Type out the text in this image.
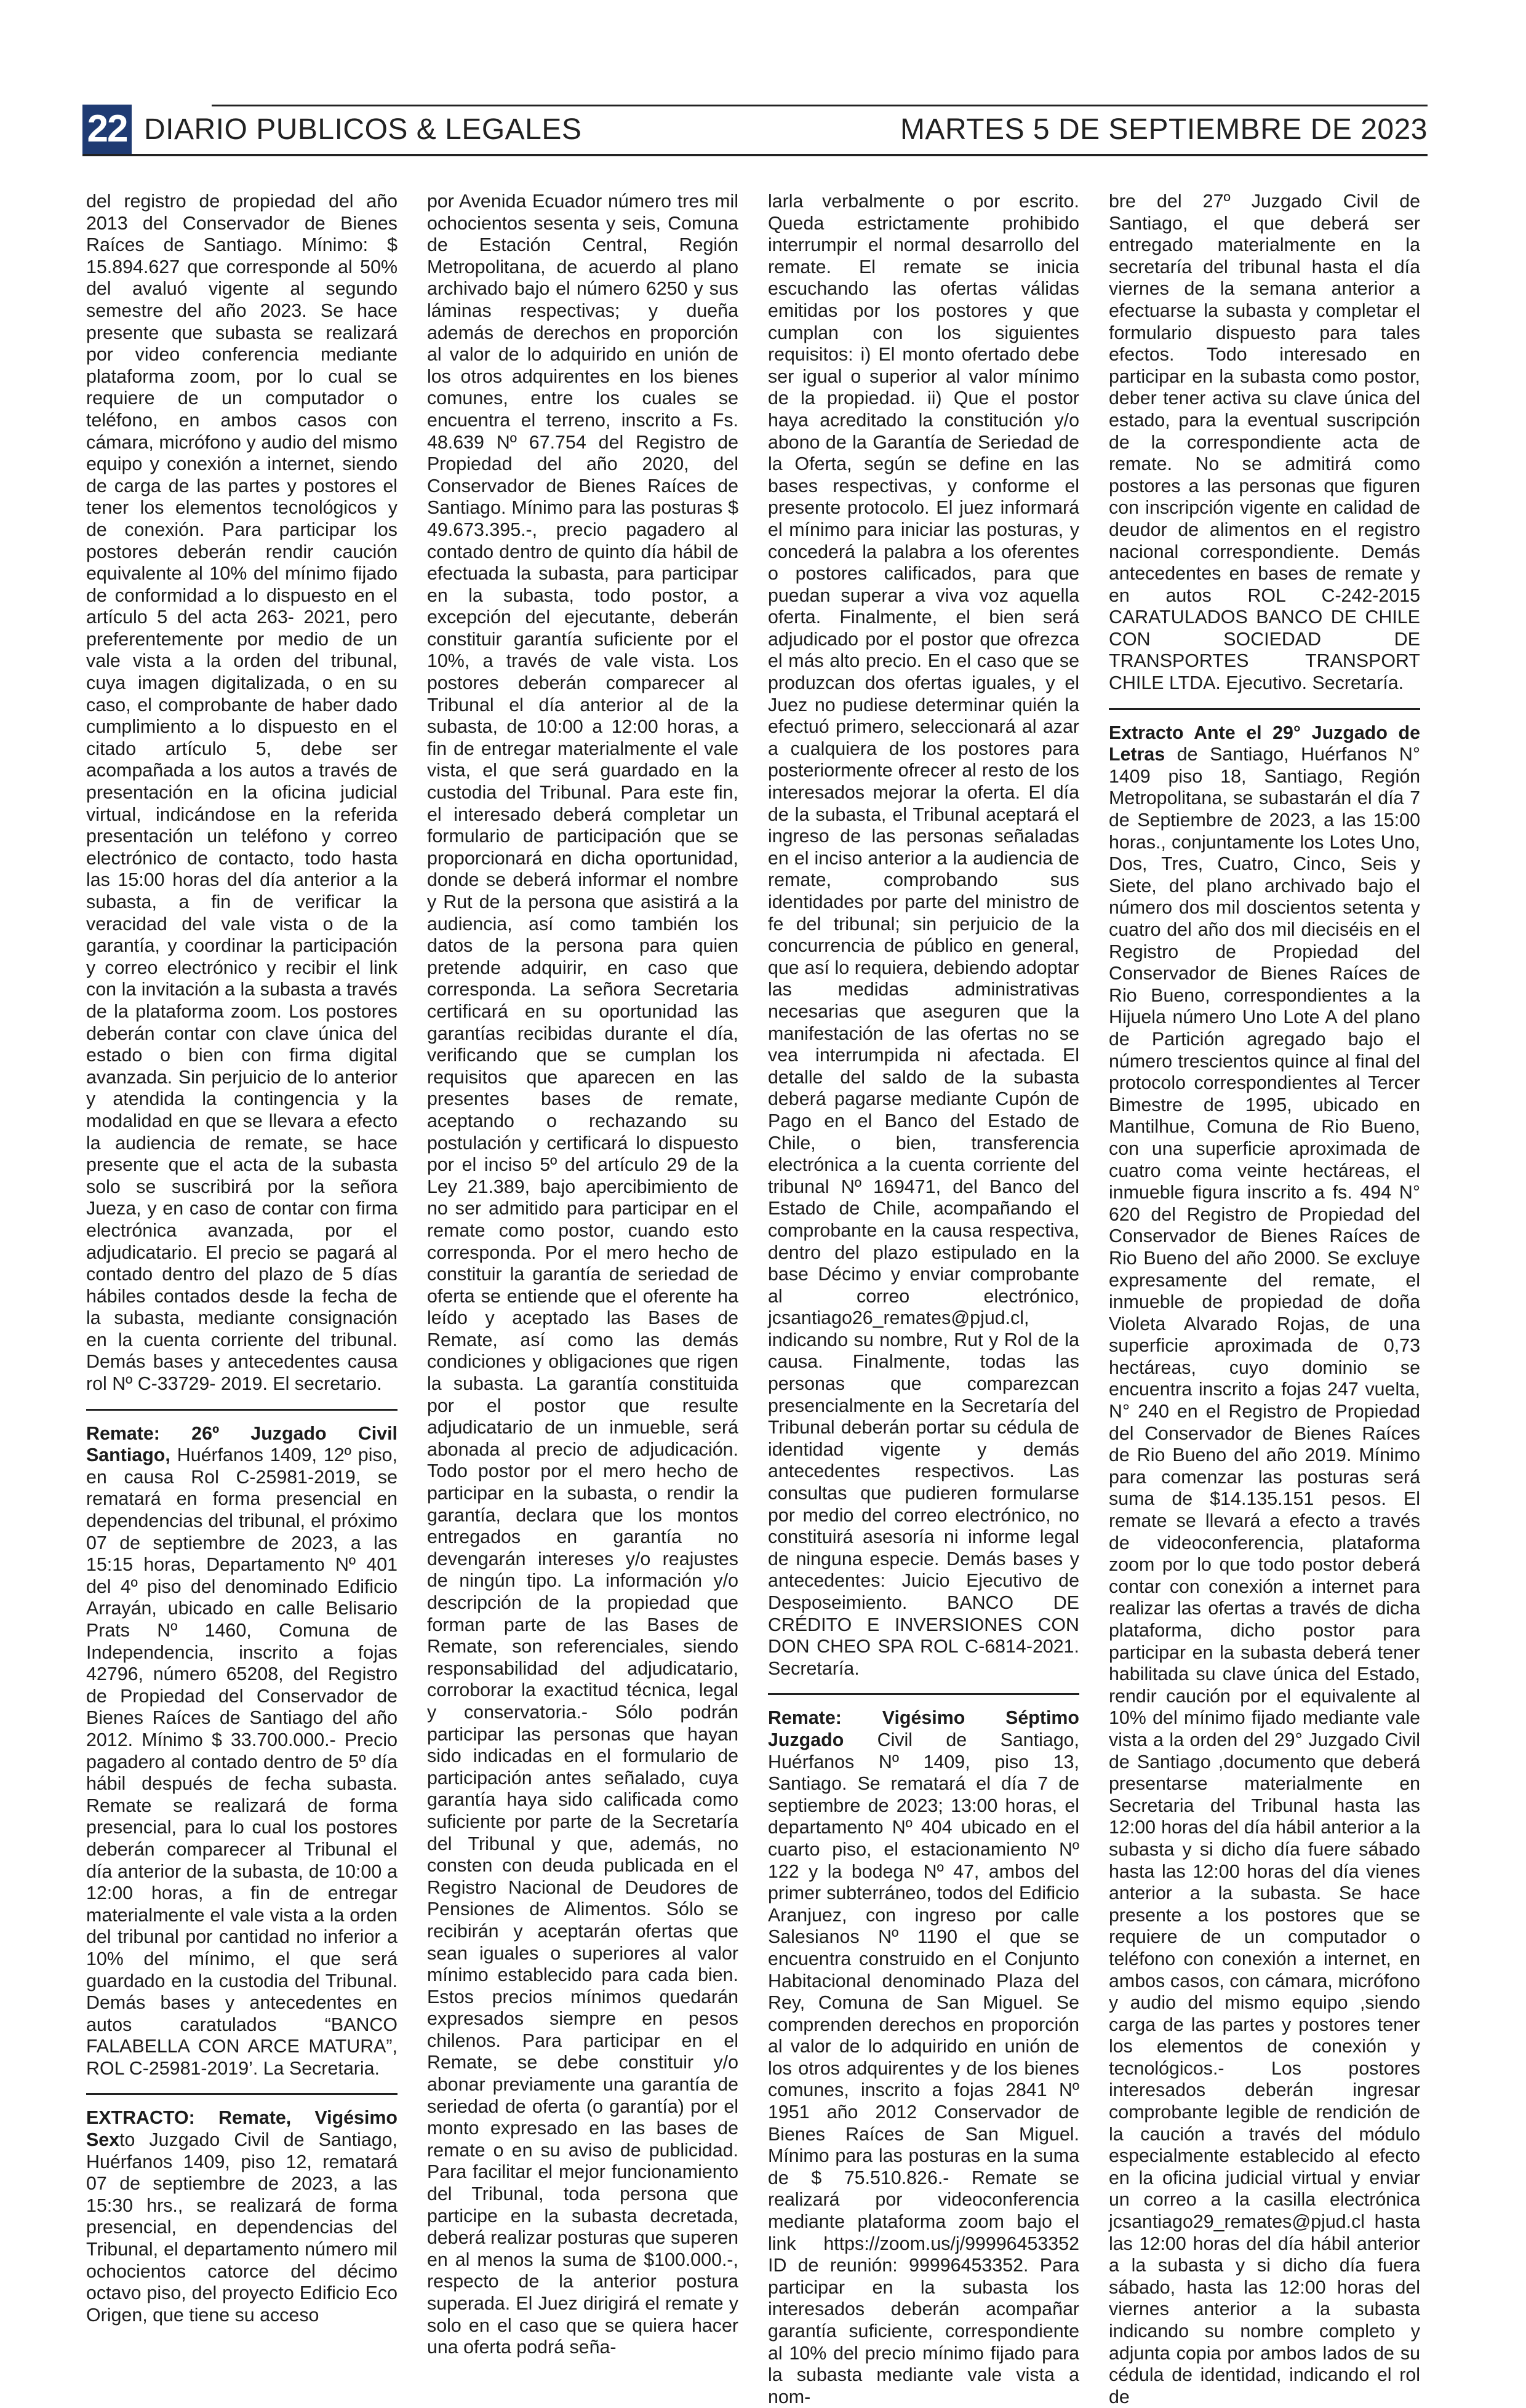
22 DIARIO PUBLICOS & LEGALES	MARTES 5 DE SEPTIEMBRE DE 2023

del registro de propiedad del año 2013 del Conservador de Bienes Raíces de Santiago. Mínimo: $ 15.894.627 que corresponde al 50% del avaluó vigente al segundo semestre del año 2023. Se hace presente que subasta se realizará por video conferencia mediante plataforma zoom, por lo cual se requiere de un computador o teléfono, en ambos casos con cámara, micrófono y audio del mismo equipo y conexión a internet, siendo de carga de las partes y postores el tener los elementos tecnológicos y de conexión. Para participar los postores deberán rendir caución equivalente al 10% del mínimo fijado de conformidad a lo dispuesto en el artículo 5 del acta 263- 2021, pero preferentemente por medio de un vale vista a la orden del tribunal, cuya imagen digitalizada, o en su caso, el comprobante de haber dado cumplimiento a lo dispuesto en el citado artículo 5, debe ser acompañada a los autos a través de presentación en la oficina judicial virtual, indicándose en la referida presentación un teléfono y correo electrónico de contacto, todo hasta las 15:00 horas del día anterior a la subasta, a fin de verificar la veracidad del vale vista o de la garantía, y coordinar la participación y correo electrónico y recibir el link con la invitación a la subasta a través de la plataforma zoom. Los postores deberán contar con clave única del estado o bien con firma digital avanzada. Sin perjuicio de lo anterior y atendida la contingencia y la modalidad en que se llevara a efecto la audiencia de remate, se hace presente que el acta de la subasta solo se suscribirá por la señora Jueza, y en caso de contar con firma electrónica avanzada, por el adjudicatario. El precio se pagará al contado dentro del plazo de 5 días hábiles contados desde la fecha de la subasta, mediante consignación en la cuenta corriente del tribunal. Demás bases y antecedentes causa rol Nº C-33729- 2019. El secretario.

Remate: 26º Juzgado Civil Santiago, Huérfanos 1409, 12º piso, en causa Rol C-25981-2019, se rematará en forma presencial en dependencias del tribunal, el próximo 07 de septiembre de 2023, a las 15:15 horas, Departamento Nº 401 del 4º piso del denominado Edificio Arrayán, ubicado en calle Belisario Prats Nº 1460, Comuna de Independencia, inscrito a fojas 42796, número 65208, del Registro de Propiedad del Conservador de Bienes Raíces de Santiago del año 2012. Mínimo $ 33.700.000.- Precio pagadero al contado dentro de 5º día hábil después de fecha subasta. Remate se realizará de forma presencial, para lo cual los postores deberán comparecer al Tribunal el día anterior de la subasta, de 10:00 a 12:00 horas, a fin de entregar materialmente el vale vista a la orden del tribunal por cantidad no inferior a 10% del mínimo, el que será guardado en la custodia del Tribunal. Demás bases y antecedentes en autos caratulados “BANCO FALABELLA CON ARCE MATURA”, ROL C-25981-2019’. La Secretaria.

EXTRACTO: Remate, Vigésimo Sexto Juzgado Civil de Santiago, Huérfanos 1409, piso 12, rematará 07 de septiembre de 2023, a las 15:30 hrs., se realizará de forma presencial, en dependencias del Tribunal, el departamento número mil ochocientos catorce del décimo octavo piso, del proyecto Edificio Eco Origen, que tiene su acceso

por Avenida Ecuador número tres mil ochocientos sesenta y seis, Comuna de Estación Central, Región Metropolitana, de acuerdo al plano archivado bajo el número 6250 y sus láminas respectivas; y dueña además de derechos en proporción al valor de lo adquirido en unión de los otros adquirentes en los bienes comunes, entre los cuales se encuentra el terreno, inscrito a Fs. 48.639 Nº 67.754 del Registro de Propiedad del año 2020, del Conservador de Bienes Raíces de Santiago. Mínimo para las posturas $ 49.673.395.-, precio pagadero al contado dentro de quinto día hábil de efectuada la subasta, para participar en la subasta, todo postor, a excepción del ejecutante, deberán constituir garantía suficiente por el 10%, a través de vale vista. Los postores deberán comparecer al Tribunal el día anterior al de la subasta, de 10:00 a 12:00 horas, a fin de entregar materialmente el vale vista, el que será guardado en la custodia del Tribunal. Para este fin, el interesado deberá completar un formulario de participación que se proporcionará en dicha oportunidad, donde se deberá informar el nombre y Rut de la persona que asistirá a la audiencia, así como también los datos de la persona para quien pretende adquirir, en caso que corresponda. La señora Secretaria certificará en su oportunidad las garantías recibidas durante el día, verificando que se cumplan los requisitos que aparecen en las presentes bases de remate, aceptando o rechazando su postulación y certificará lo dispuesto por el inciso 5º del artículo 29 de la Ley 21.389, bajo apercibimiento de no ser admitido para participar en el remate como postor, cuando esto corresponda. Por el mero hecho de constituir la garantía de seriedad de oferta se entiende que el oferente ha leído y aceptado las Bases de Remate, así como las demás condiciones y obligaciones que rigen la subasta. La garantía constituida por el postor que resulte adjudicatario de un inmueble, será abonada al precio de adjudicación. Todo postor por el mero hecho de participar en la subasta, o rendir la garantía, declara que los montos entregados en garantía no devengarán intereses y/o reajustes de ningún tipo. La información y/o descripción de la propiedad que forman parte de las Bases de Remate, son referenciales, siendo responsabilidad del adjudicatario, corroborar la exactitud técnica, legal y conservatoria.- Sólo podrán participar las personas que hayan sido indicadas en el formulario de participación antes señalado, cuya garantía haya sido calificada como suficiente por parte de la Secretaría del Tribunal y que, además, no consten con deuda publicada en el Registro Nacional de Deudores de Pensiones de Alimentos. Sólo se recibirán y aceptarán ofertas que sean iguales o superiores al valor mínimo establecido para cada bien. Estos precios mínimos quedarán expresados siempre en pesos chilenos. Para participar en el Remate, se debe constituir y/o abonar previamente una garantía de seriedad de oferta (o garantía) por el monto expresado en las bases de remate o en su aviso de publicidad. Para facilitar el mejor funcionamiento del Tribunal, toda persona que participe en la subasta decretada, deberá realizar posturas que superen en al menos la suma de $100.000.-, respecto de la anterior postura superada. El Juez dirigirá el remate y solo en el caso que se quiera hacer una oferta podrá seña-

larla verbalmente o por escrito. Queda estrictamente prohibido interrumpir el normal desarrollo del remate. El remate se inicia escuchando las ofertas válidas emitidas por los postores y que cumplan con los siguientes requisitos: i) El monto ofertado debe ser igual o superior al valor mínimo de la propiedad. ii) Que el postor haya acreditado la constitución y/o abono de la Garantía de Seriedad de la Oferta, según se define en las bases respectivas, y conforme el presente protocolo. El juez informará el mínimo para iniciar las posturas, y concederá la palabra a los oferentes o postores calificados, para que puedan superar a viva voz aquella oferta. Finalmente, el bien será adjudicado por el postor que ofrezca el más alto precio. En el caso que se produzcan dos ofertas iguales, y el Juez no pudiese determinar quién la efectuó primero, seleccionará al azar a cualquiera de los postores para posteriormente ofrecer al resto de los interesados mejorar la oferta. El día de la subasta, el Tribunal aceptará el ingreso de las personas señaladas en el inciso anterior a la audiencia de remate, comprobando sus identidades por parte del ministro de fe del tribunal; sin perjuicio de la concurrencia de público en general, que así lo requiera, debiendo adoptar las medidas administrativas necesarias que aseguren que la manifestación de las ofertas no se vea interrumpida ni afectada. El detalle del saldo de la subasta deberá pagarse mediante Cupón de Pago en el Banco del Estado de Chile, o bien, transferencia electrónica a la cuenta corriente del tribunal Nº 169471, del Banco del Estado de Chile, acompañando el comprobante en la causa respectiva, dentro del plazo estipulado en la base Décimo y enviar comprobante al correo electrónico, jcsantiago26_remates@pjud.cl, indicando su nombre, Rut y Rol de la causa. Finalmente, todas las personas que comparezcan presencialmente en la Secretaría del Tribunal deberán portar su cédula de identidad vigente y demás antecedentes respectivos. Las consultas que pudieren formularse por medio del correo electrónico, no constituirá asesoría ni informe legal de ninguna especie. Demás bases y antecedentes: Juicio Ejecutivo de Desposeimiento. BANCO DE CRÉDITO E INVERSIONES CON DON CHEO SPA ROL C-6814-2021. Secretaría.

Remate: Vigésimo Séptimo Juzgado Civil de Santiago, Huérfanos Nº 1409, piso 13, Santiago. Se rematará el día 7 de septiembre de 2023; 13:00 horas, el departamento Nº 404 ubicado en el cuarto piso, el estacionamiento Nº 122 y la bodega Nº 47, ambos del primer subterráneo, todos del Edificio Aranjuez, con ingreso por calle Salesianos Nº 1190 el que se encuentra construido en el Conjunto Habitacional denominado Plaza del Rey, Comuna de San Miguel. Se comprenden derechos en proporción al valor de lo adquirido en unión de los otros adquirentes y de los bienes comunes, inscrito a fojas 2841 Nº 1951 año 2012 Conservador de Bienes Raíces de San Miguel. Mínimo para las posturas en la suma de $ 75.510.826.- Remate se realizará por videoconferencia mediante plataforma zoom bajo el link https://zoom.us/j/99996453352 ID de reunión: 99996453352. Para participar en la subasta los interesados deberán acompañar garantía suficiente, correspondiente al 10% del precio mínimo fijado para la subasta mediante vale vista a nom-

bre del 27º Juzgado Civil de Santiago, el que deberá ser entregado materialmente en la secretaría del tribunal hasta el día viernes de la semana anterior a efectuarse la subasta y completar el formulario dispuesto para tales efectos. Todo interesado en participar en la subasta como postor, deber tener activa su clave única del estado, para la eventual suscripción de la correspondiente acta de remate. No se admitirá como postores a las personas que figuren con inscripción vigente en calidad de deudor de alimentos en el registro nacional correspondiente. Demás antecedentes en bases de remate y en autos ROL C-242-2015 CARATULADOS BANCO DE CHILE CON SOCIEDAD DE TRANSPORTES TRANSPORT CHILE LTDA. Ejecutivo. Secretaría.

Extracto Ante el 29° Juzgado de Letras de Santiago, Huérfanos N° 1409 piso 18, Santiago, Región Metropolitana, se subastarán el día 7 de Septiembre de 2023, a las 15:00 horas., conjuntamente los Lotes Uno, Dos, Tres, Cuatro, Cinco, Seis y Siete, del plano archivado bajo el número dos mil doscientos setenta y cuatro del año dos mil dieciséis en el Registro de Propiedad del Conservador de Bienes Raíces de Rio Bueno, correspondientes a la Hijuela número Uno Lote A del plano de Partición agregado bajo el número trescientos quince al final del protocolo correspondientes al Tercer Bimestre de 1995, ubicado en Mantilhue, Comuna de Rio Bueno, con una superficie aproximada de cuatro coma veinte hectáreas, el inmueble figura inscrito a fs. 494 N° 620 del Registro de Propiedad del Conservador de Bienes Raíces de Rio Bueno del año 2000. Se excluye expresamente del remate, el inmueble de propiedad de doña Violeta Alvarado Rojas, de una superficie aproximada de 0,73 hectáreas, cuyo dominio se encuentra inscrito a fojas 247 vuelta, N° 240 en el Registro de Propiedad del Conservador de Bienes Raíces de Rio Bueno del año 2019. Mínimo para comenzar las posturas será suma de $14.135.151 pesos. El remate se llevará a efecto a través de videoconferencia, plataforma zoom por lo que todo postor deberá contar con conexión a internet para realizar las ofertas a través de dicha plataforma, dicho postor para participar en la subasta deberá tener habilitada su clave única del Estado, rendir caución por el equivalente al 10% del mínimo fijado mediante vale vista a la orden del 29° Juzgado Civil de Santiago ,documento que deberá presentarse materialmente en Secretaria del Tribunal hasta las 12:00 horas del día hábil anterior a la subasta y si dicho día fuere sábado hasta las 12:00 horas del día vienes anterior a la subasta. Se hace presente a los postores que se requiere de un computador o teléfono con conexión a internet, en ambos casos, con cámara, micrófono y audio del mismo equipo ,siendo carga de las partes y postores tener los elementos de conexión y tecnológicos.- Los postores interesados deberán ingresar comprobante legible de rendición de la caución a través del módulo especialmente establecido al efecto en la oficina judicial virtual y enviar un correo a la casilla electrónica jcsantiago29_remates@pjud.cl hasta las 12:00 horas del día hábil anterior a la subasta y si dicho día fuera sábado, hasta las 12:00 horas del viernes anterior a la subasta indicando su nombre completo y adjunta copia por ambos lados de su cédula de identidad, indicando el rol de
